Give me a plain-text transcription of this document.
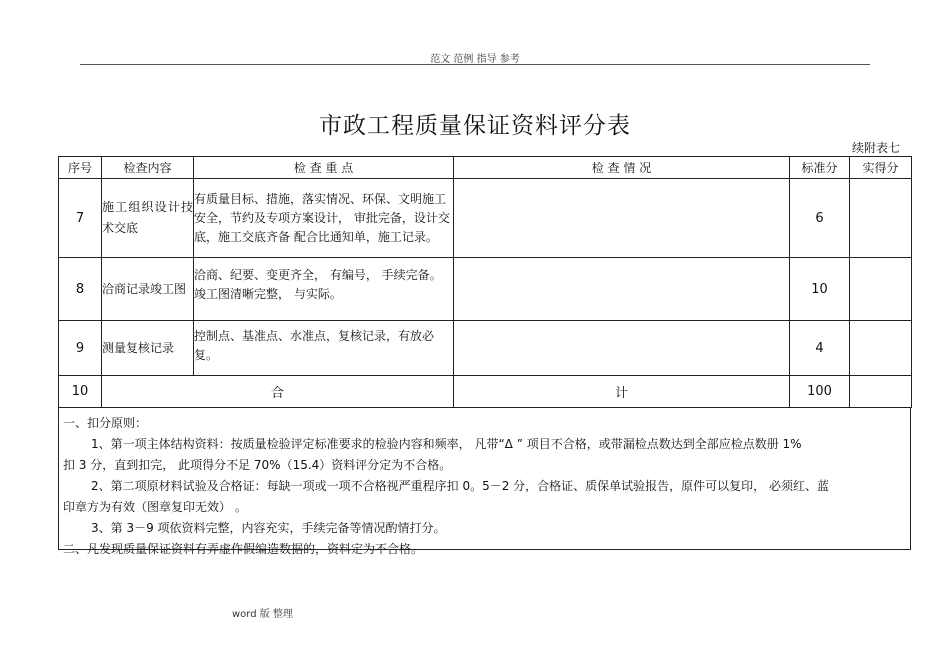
范文 范例 指导 参考
市政工程质量保证资料评分表
续附表七
序号	检查内容	检 查 重 点	检 查 情 况	标准分	实得分
7	施工组织设计技术交底	有质量目标、措施，落实情况、环保、文明施工安全，节约及专项方案设计， 审批完备，设计交底，施工交底齐备 配合比通知单，施工记录。		6	
8	洽商记录竣工图	洽商、纪要、变更齐全， 有编号， 手续完备。竣工图清晰完整， 与实际。		10	
9	测量复核记录	控制点、基准点、水准点，复核记录，有放必复。		4	
10	合		计	100	
一、扣分原则：
1、第一项主体结构资料：按质量检验评定标准要求的检验内容和频率， 凡带“Δ ” 项目不合格，或带漏检点数达到全部应检点数册 1%
扣 3 分，直到扣完， 此项得分不足 70%（15.4）资料评分定为不合格。
2、第二项原材料试验及合格证：每缺一项或一项不合格视严重程序扣 0。5－2 分，合格证、质保单试验报告，原件可以复印， 必须红、蓝
印章方为有效（图章复印无效） 。
3、第 3－9 项依资料完整，内容充实，手续完备等情况酌情打分。
二、凡发现质量保证资料有弄虚作假编造数据的，资料定为不合格。
word 版 整理
